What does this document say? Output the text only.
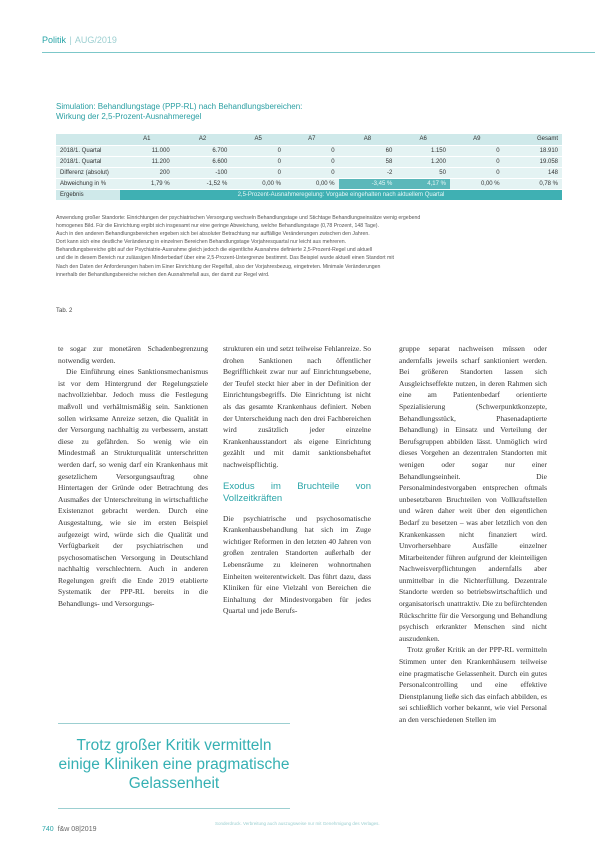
Politik | AUG/2019
Simulation: Behandlungstage (PPP-RL) nach Behandlungsbereichen:
Wirkung der 2,5-Prozent-Ausnahmeregel
	A1	A2	A5	A7	A8	A6	A9	Gesamt
2018/1. Quartal	11.000	6.700	0	0	60	1.150	0	18.910
2018/1. Quartal	11.200	6.600	0	0	58	1.200	0	19.058
Differenz (absolut)	200	-100	0	0	-2	50	0	148
Abweichung in %	1,79 %	-1,52 %	0,00 %	0,00 %	-3,45 %	4,17 %	0,00 %	0,78 %
Ergebnis	2,5-Prozent-Ausnahmeregelung: Vorgabe eingehalten nach aktuellem Quartal							
Anwendung großer Standorte: Einrichtungen der psychiatrischen Versorgung wechseln Behandlungstage und Stichtage Behandlungseinsätze wenig ergebend
homogenes Bild. Für die Einrichtung ergibt sich insgesamt nur eine geringe Abweichung, welche Behandlungstage (0,78 Prozent, 148 Tage).
Auch in den anderen Behandlungsbereichen ergeben sich bei absoluter Betrachtung nur auffällige Veränderungen zwischen den Jahren.
Dort kann sich eine deutliche Veränderung in einzelnen Bereichen Behandlungstage Vorjahresquartal nur leicht aus mehreren.
Behandlungsbereiche gibt auf der Psychiatrie-Ausnahme gleich jedoch die eigentliche Ausnahme definierte 2,5-Prozent-Regel und aktuell
und die in diesem Bereich nur zulässigen Minderbedarf über eine 2,5-Prozent-Untergrenze bestimmt. Das Beispiel wurde aktuell einen Standort mit
Nach den Daten der Anforderungen haben im Einer Einrichtung der Regelfall, also der Vorjahresbezug, eingetreten. Minimale Veränderungen
innerhalb der Behandlungsbereiche reichen den Ausnahmefall aus, der damit zur Regel wird.
Tab. 2

te sogar zur monetären Schadenbegrenzung notwendig werden.

Die Einführung eines Sanktionsmechanismus ist vor dem Hintergrund der Regelungsziele nachvollziehbar. Jedoch muss die Festlegung maßvoll und verhältnismäßig sein. Sanktionen sollen wirksame Anreize setzen, die Qualität in der Versorgung nachhaltig zu verbessern, anstatt diese zu gefährden. So wenig wie ein Mindestmaß an Strukturqualität unterschritten werden darf, so wenig darf ein Krankenhaus mit gesetzlichem Versorgungsauftrag ohne Hintertagen der Gründe oder Betrachtung des Ausmaßes der Unterschreitung in wirtschaftliche Existenznot gebracht werden. Durch eine Ausgestaltung, wie sie im ersten Beispiel aufgezeigt wird, würde sich die Qualität und Verfügbarkeit der psychiatrischen und psychosomatischen Versorgung in Deutschland nachhaltig verschlechtern. Auch in anderen Regelungen greift die Ende 2019 etablierte Systematik der PPP-RL bereits in die Behandlungs- und Versorgungs-

strukturen ein und setzt teilweise Fehlanreize. So drohen Sanktionen nach öffentlicher Begrifflichkeit zwar nur auf Einrichtungsebene, der Teufel steckt hier aber in der Definition der Einrichtungsbegriffs. Die Einrichtung ist nicht als das gesamte Krankenhaus definiert. Neben der Unterscheidung nach den drei Fachbereichen wird zusätzlich jeder einzelne Krankenhausstandort als eigene Einrichtung gezählt und mit damit sanktionsbehaftet nachweispflichtig.

Exodus im Bruchteile von Vollzeitkräften

Die psychiatrische und psychosomatische Krankenhausbehandlung hat sich im Zuge wichtiger Reformen in den letzten 40 Jahren von großen zentralen Standorten außerhalb der Lebensräume zu kleineren wohnortnahen Einheiten weiterentwickelt. Das führt dazu, dass Kliniken für eine Vielzahl von Bereichen die Einhaltung der Mindestvorgaben für jedes Quartal und jede Berufs-

gruppe separat nachweisen müssen oder andernfalls jeweils scharf sanktioniert werden. Bei größeren Standorten lassen sich Ausgleichseffekte nutzen, in deren Rahmen sich eine am Patientenbedarf orientierte Spezialisierung (Schwerpunktkonzepte, Behandlungsstück, Phasenadaptierte Behandlung) in Einsatz und Verteilung der Berufsgruppen abbilden lässt. Unmöglich wird dieses Vorgehen an dezentralen Standorten mit wenigen oder sogar nur einer Behandlungseinheit. Die Personalmindestvorgaben entsprechen oftmals unbesetzbaren Bruchteilen von Vollkraftstellen und wären daher weit über den eigentlichen Bedarf zu besetzen – was aber letztlich von den Krankenkassen nicht finanziert wird. Unvorhersehbare Ausfälle einzelner Mitarbeitender führen aufgrund der kleinteiligen Nachweisverpflichtungen andernfalls aber unmittelbar in die Nichterfüllung. Dezentrale Standorte werden so betriebswirtschaftlich und organisatorisch unattraktiv. Die zu befürchtenden Rückschritte für die Versorgung und Behandlung psychisch erkrankter Menschen sind nicht auszudenken.

Trotz großer Kritik an der PPP-RL vermitteln Stimmen unter den Krankenhäusern teilweise eine pragmatische Gelassenheit. Durch ein gutes Personalcontrolling und eine effektive Dienstplanung ließe sich das einfach abbilden, es sei schließlich vorher bekannt, wie viel Personal an den verschiedenen Stellen im

Trotz großer Kritik vermitteln einige Kliniken eine pragmatische Gelassenheit
Sonderdruck. Verbreitung auch auszugsweise nur mit Genehmigung des Verlages.
740 f&w 08|2019
